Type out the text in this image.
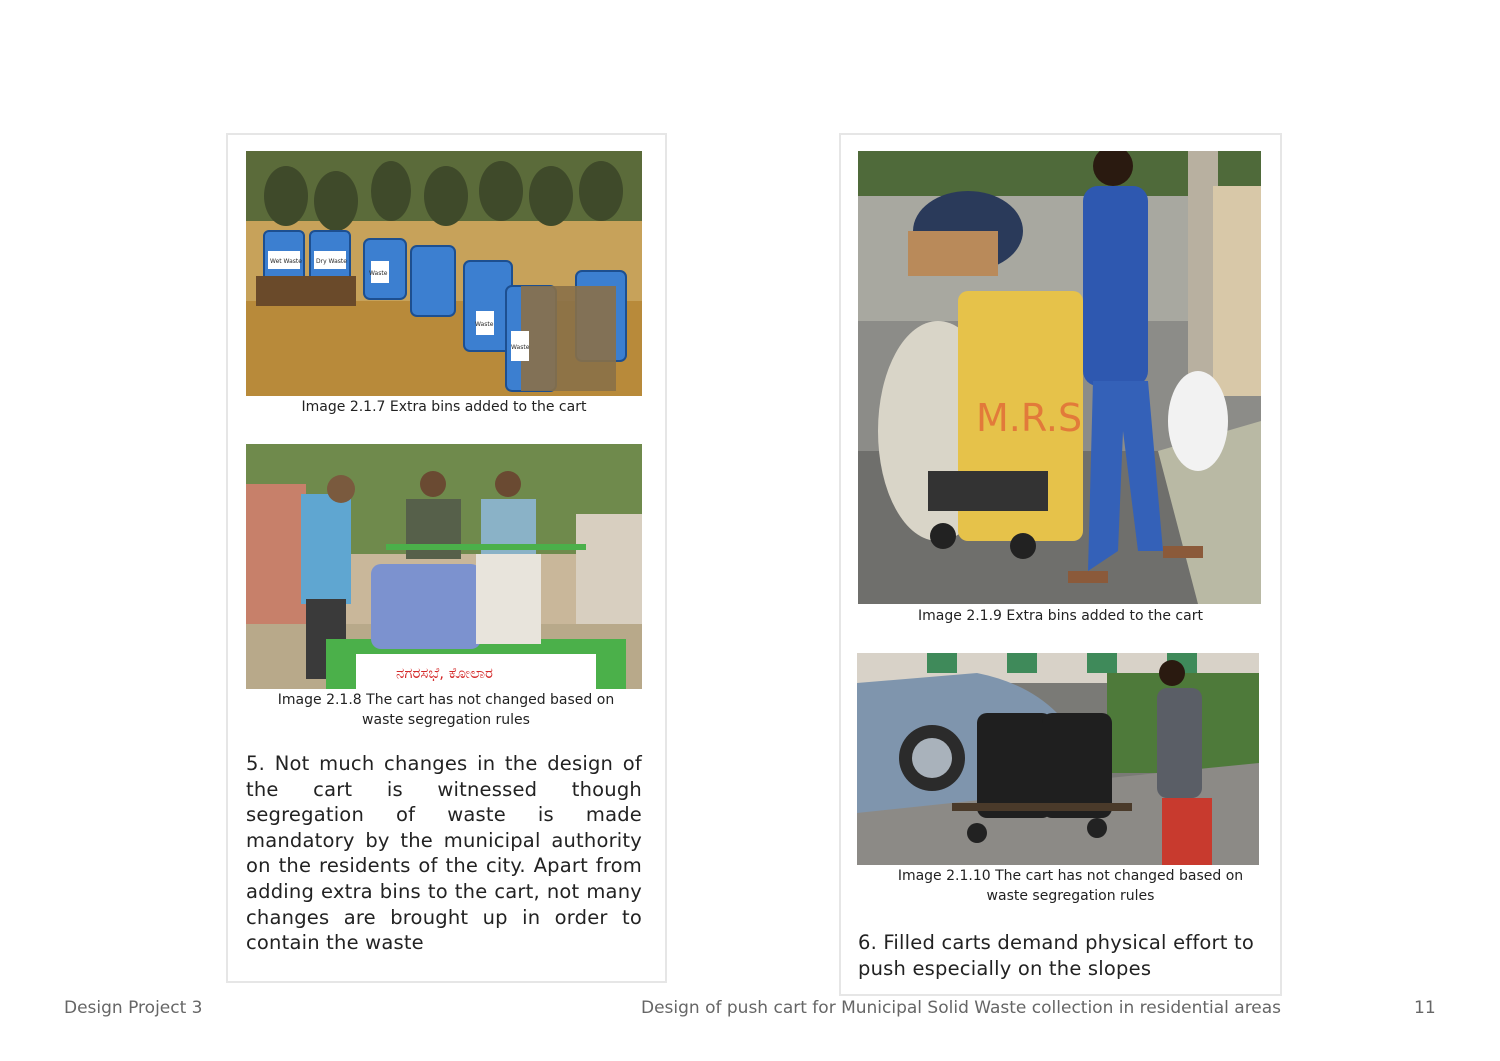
Wet Waste Dry Waste
Waste
Waste
Waste
Image 2.1.7 Extra bins added to the cart
ನಗರಸಭೆ, ಕೋಲಾರ
Image 2.1.8 The cart has not changed based on
waste segregation rules
5. Not much changes in the design of the cart is witnessed though segregation of waste is made mandatory by the municipal authority on the residents of the city. Apart from adding extra bins to the cart, not many changes are brought up in order to contain the waste
M.R.S
Image 2.1.9 Extra bins added to the cart
Image 2.1.10 The cart has not changed based on
waste segregation rules
6. Filled carts demand physical effort to push especially on the slopes
Design Project 3	Design of push cart for Municipal Solid Waste collection in residential areas	11
